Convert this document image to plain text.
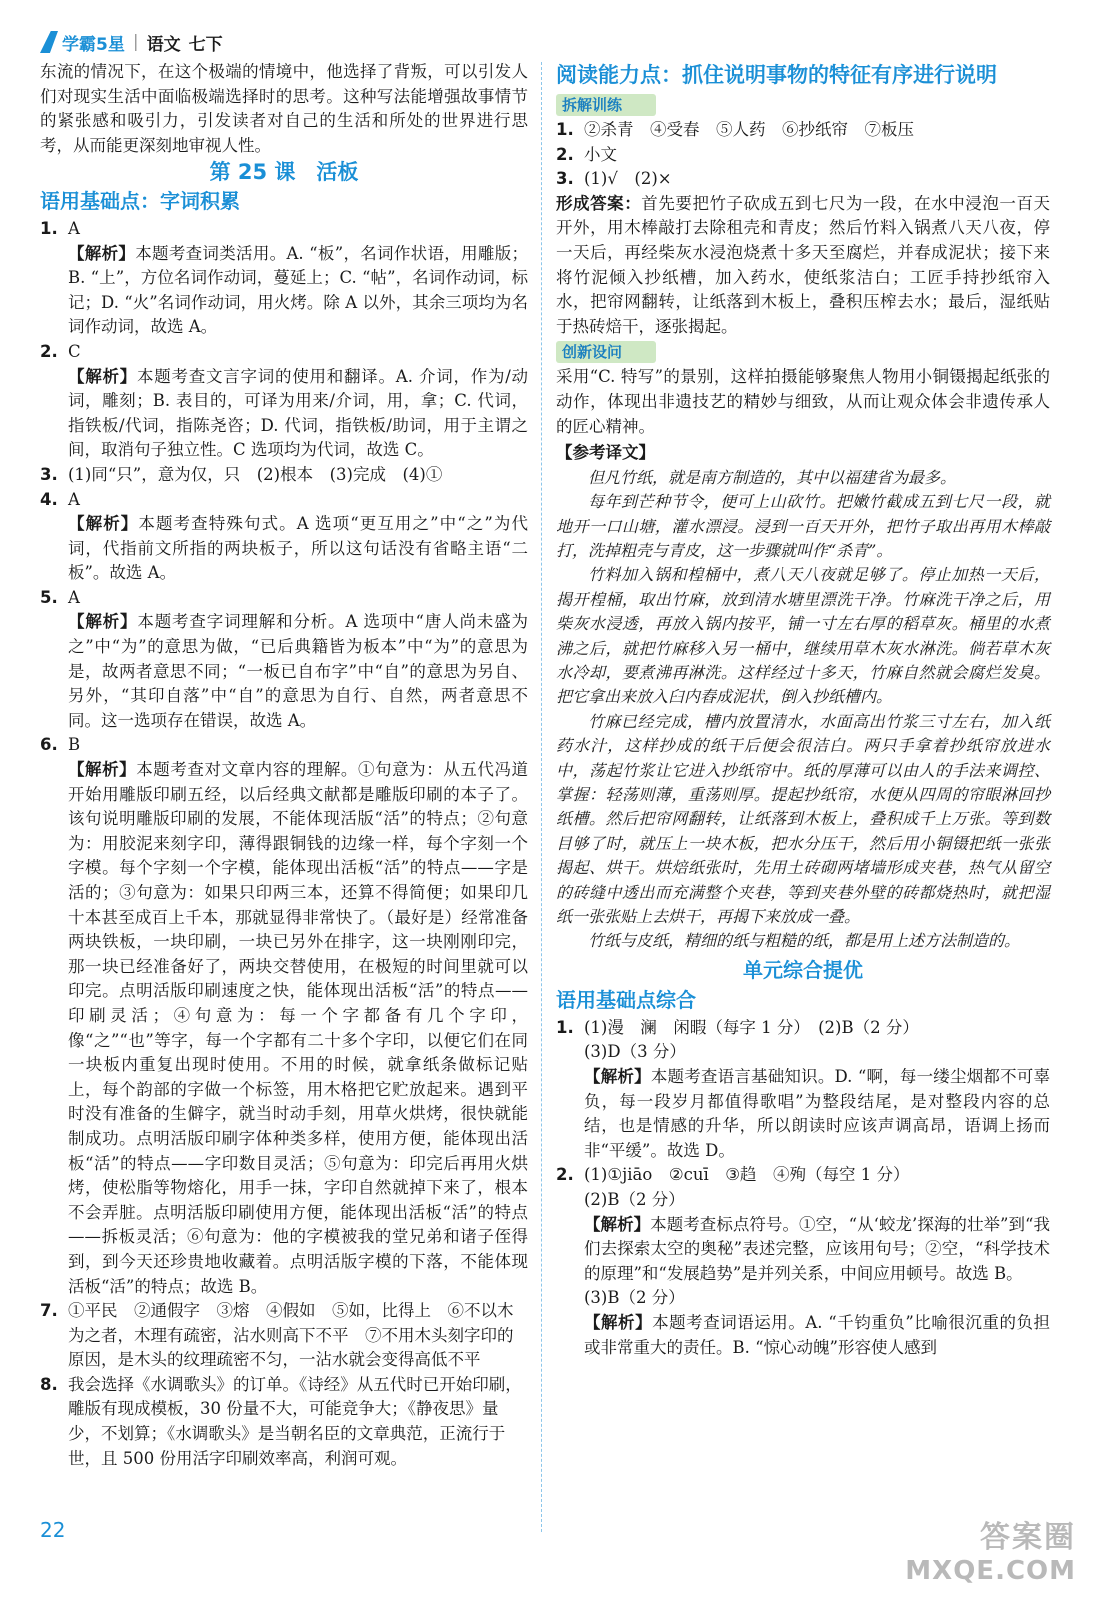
学霸5星 | 语文 七下

东流的情况下，在这个极端的情境中，他选择了背叛，可以引发人们对现实生活中面临极端选择时的思考。这种写法能增强故事情节的紧张感和吸引力，引发读者对自己的生活和所处的世界进行思考，从而能更深刻地审视人性。

第 25 课　活板
语用基础点：字词积累
1. A

【解析】本题考查词类活用。A. “板”，名词作状语，用雕版；B. “上”，方位名词作动词，蔓延上；C. “帖”，名词作动词，标记；D. “火”名词作动词，用火烤。除 A 以外，其余三项均为名词作动词，故选 A。

2. C

【解析】本题考查文言字词的使用和翻译。A. 介词，作为/动词，雕刻；B. 表目的，可译为用来/介词，用，拿；C. 代词，指铁板/代词，指陈尧咨；D. 代词，指铁板/助词，用于主谓之间，取消句子独立性。C 选项均为代词，故选 C。

3. (1)同“只”，意为仅，只　(2)根本　(3)完成　(4)①
4. A

【解析】本题考查特殊句式。A 选项“更互用之”中“之”为代词，代指前文所指的两块板子，所以这句话没有省略主语“二板”。故选 A。

5. A

【解析】本题考查字词理解和分析。A 选项中“唐人尚未盛为之”中“为”的意思为做，“已后典籍皆为板本”中“为”的意思为是，故两者意思不同；“一板已自布字”中“自”的意思为另自、另外，“其印自落”中“自”的意思为自行、自然，两者意思不同。这一选项存在错误，故选 A。

6. B

【解析】本题考查对文章内容的理解。①句意为：从五代冯道开始用雕版印刷五经，以后经典文献都是雕版印刷的本子了。该句说明雕版印刷的发展，不能体现活版“活”的特点；②句意为：用胶泥来刻字印，薄得跟铜钱的边缘一样，每个字刻一个字模。每个字刻一个字模，能体现出活板“活”的特点——字是活的；③句意为：如果只印两三本，还算不得简便；如果印几十本甚至成百上千本，那就显得非常快了。（最好是）经常准备两块铁板，一块印刷，一块已另外在排字，这一块刚刚印完，那一块已经准备好了，两块交替使用，在极短的时间里就可以印完。点明活版印刷速度之快，能体现出活板“活”的特点——印刷灵活；④句意为：每一个字都备有几个字印，像“之”“也”等字，每一个字都有二十多个字印，以便它们在同一块板内重复出现时使用。不用的时候，就拿纸条做标记贴上，每个韵部的字做一个标签，用木格把它贮放起来。遇到平时没有准备的生僻字，就当时动手刻，用草火烘烤，很快就能制成功。点明活版印刷字体种类多样，使用方便，能体现出活板“活”的特点——字印数目灵活；⑤句意为：印完后再用火烘烤，使松脂等物熔化，用手一抹，字印自然就掉下来了，根本不会弄脏。点明活版印刷使用方便，能体现出活板“活”的特点——拆板灵活；⑥句意为：他的字模被我的堂兄弟和诸子侄得到，到今天还珍贵地收藏着。点明活版字模的下落，不能体现活板“活”的特点；故选 B。

7. ①平民　②通假字　③熔　④假如　⑤如，比得上　⑥不以木为之者，木理有疏密，沾水则高下不平　⑦不用木头刻字印的原因，是木头的纹理疏密不匀，一沾水就会变得高低不平
8. 我会选择《水调歌头》的订单。《诗经》从五代时已开始印刷，雕版有现成模板，30 份量不大，可能竞争大；《静夜思》量少，不划算；《水调歌头》是当朝名臣的文章典范，正流行于世，且 500 份用活字印刷效率高，利润可观。
阅读能力点：抓住说明事物的特征有序进行说明
拆解训练
1. ②杀青　④受春　⑤人药　⑥抄纸帘　⑦板压
2. 小文
3. (1)√　(2)×

形成答案：首先要把竹子砍成五到七尺为一段，在水中浸泡一百天开外，用木棒敲打去除租壳和青皮；然后竹料入锅煮八天八夜，停一天后，再经柴灰水浸泡烧煮十多天至腐烂，并春成泥状；接下来将竹泥倾入抄纸槽，加入药水，使纸浆洁白；工匠手持抄纸帘入水，把帘网翻转，让纸落到木板上，叠积压榨去水；最后，湿纸贴于热砖焙干，逐张揭起。

创新设问

采用“C. 特写”的景别，这样拍摄能够聚焦人物用小铜镊揭起纸张的动作，体现出非遗技艺的精妙与细致，从而让观众体会非遗传承人的匠心精神。

【参考译文】

但凡竹纸，就是南方制造的，其中以福建省为最多。

每年到芒种节令，便可上山砍竹。把嫩竹截成五到七尺一段，就地开一口山塘，灌水漂浸。浸到一百天开外，把竹子取出再用木棒敲打，洗掉粗壳与青皮，这一步骤就叫作“杀青”。

竹料加入锅和楻桶中，煮八天八夜就足够了。停止加热一天后，揭开楻桶，取出竹麻，放到清水塘里漂洗干净。竹麻洗干净之后，用柴灰水浸透，再放入锅内按平，铺一寸左右厚的稻草灰。桶里的水煮沸之后，就把竹麻移入另一桶中，继续用草木灰水淋洗。倘若草木灰水冷却，要煮沸再淋洗。这样经过十多天，竹麻自然就会腐烂发臭。把它拿出来放入臼内舂成泥状，倒入抄纸槽内。

竹麻已经完成，槽内放置清水，水面高出竹浆三寸左右，加入纸药水汁，这样抄成的纸干后便会很洁白。两只手拿着抄纸帘放进水中，荡起竹浆让它进入抄纸帘中。纸的厚薄可以由人的手法来调控、掌握：轻荡则薄，重荡则厚。提起抄纸帘，水便从四周的帘眼淋回抄纸槽。然后把帘网翻转，让纸落到木板上，叠积成千上万张。等到数目够了时，就压上一块木板，把水分压干，然后用小铜镊把纸一张张揭起、烘干。烘焙纸张时，先用土砖砌两堵墙形成夹巷，热气从留空的砖缝中透出而充满整个夹巷，等到夹巷外壁的砖都烧热时，就把湿纸一张张贴上去烘干，再揭下来放成一叠。

竹纸与皮纸，精细的纸与粗糙的纸，都是用上述方法制造的。

单元综合提优
语用基础点综合
1. (1)漫　澜　闲暇（每字 1 分）　(2)B（2 分）
(3)D（3 分）

【解析】本题考查语言基础知识。D. “啊，每一缕尘烟都不可辜负，每一段岁月都值得歌唱”为整段结尾，是对整段内容的总结，也是情感的升华，所以朗读时应该声调高昂，语调上扬而非“平缓”。故选 D。

2. (1)①jiāo　②cuī　③趋　④殉（每空 1 分）
(2)B（2 分）

【解析】本题考查标点符号。①空，“从‘蛟龙’探海的壮举”到“我们去探索太空的奥秘”表述完整，应该用句号；②空，“科学技术的原理”和“发展趋势”是并列关系，中间应用顿号。故选 B。

(3)B（2 分）

【解析】本题考查词语运用。A. “千钧重负”比喻很沉重的负担或非常重大的责任。B. “惊心动魄”形容使人感到

22	答案圈
MXQE.COM
